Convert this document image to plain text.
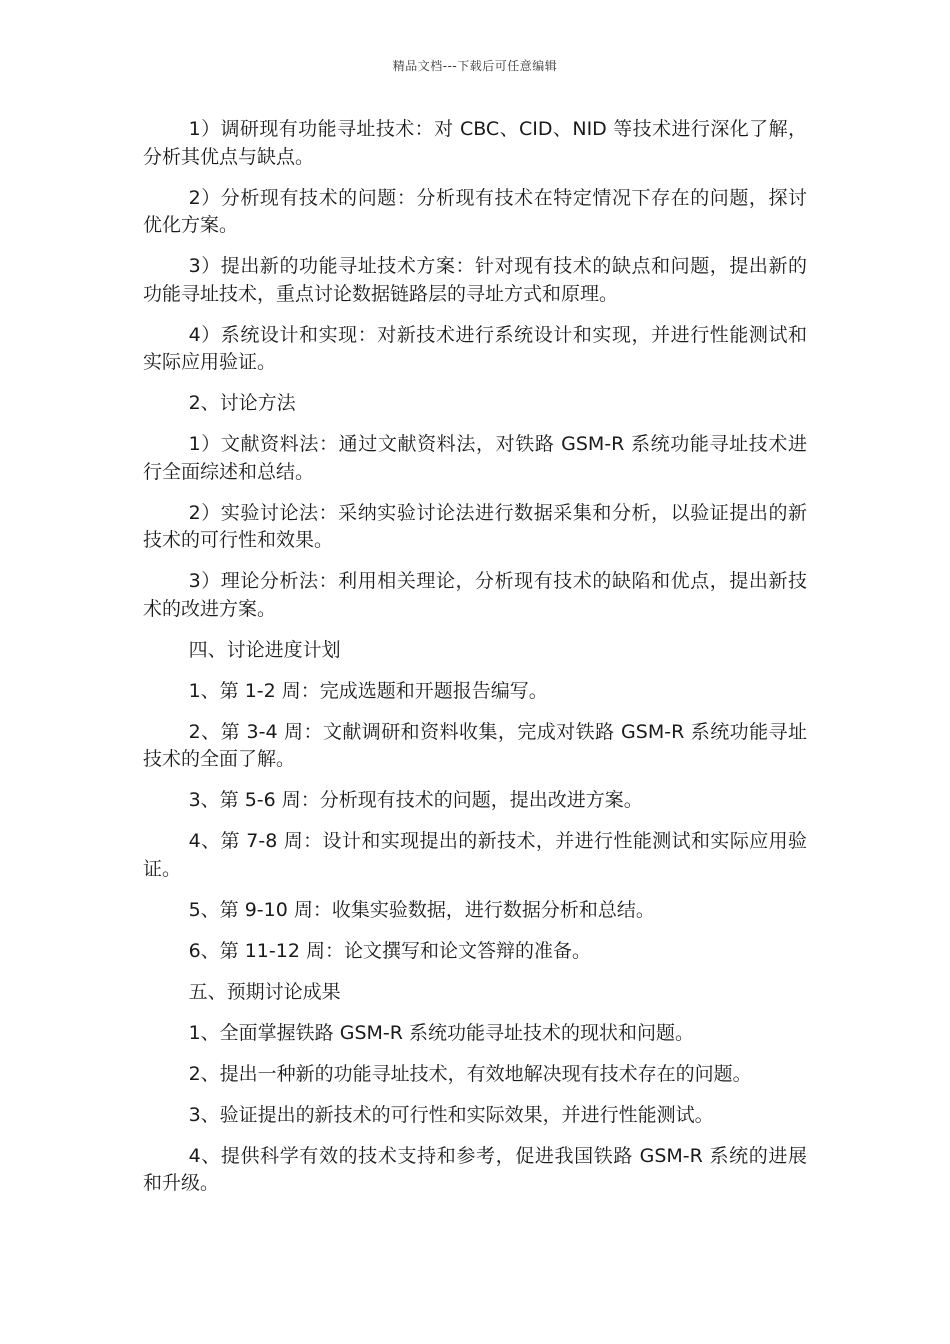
精品文档---下载后可任意编辑

1）调研现有功能寻址技术：对 CBC、CID、NID 等技术进行深化了解，分析其优点与缺点。

2）分析现有技术的问题：分析现有技术在特定情况下存在的问题，探讨优化方案。

3）提出新的功能寻址技术方案：针对现有技术的缺点和问题，提出新的功能寻址技术，重点讨论数据链路层的寻址方式和原理。

4）系统设计和实现：对新技术进行系统设计和实现，并进行性能测试和实际应用验证。

2、讨论方法

1）文献资料法：通过文献资料法，对铁路 GSM-R 系统功能寻址技术进行全面综述和总结。

2）实验讨论法：采纳实验讨论法进行数据采集和分析，以验证提出的新技术的可行性和效果。

3）理论分析法：利用相关理论，分析现有技术的缺陷和优点，提出新技术的改进方案。

四、讨论进度计划

1、第 1-2 周：完成选题和开题报告编写。

2、第 3-4 周：文献调研和资料收集，完成对铁路 GSM-R 系统功能寻址技术的全面了解。

3、第 5-6 周：分析现有技术的问题，提出改进方案。

4、第 7-8 周：设计和实现提出的新技术，并进行性能测试和实际应用验证。

5、第 9-10 周：收集实验数据，进行数据分析和总结。

6、第 11-12 周：论文撰写和论文答辩的准备。

五、预期讨论成果

1、全面掌握铁路 GSM-R 系统功能寻址技术的现状和问题。

2、提出一种新的功能寻址技术，有效地解决现有技术存在的问题。

3、验证提出的新技术的可行性和实际效果，并进行性能测试。

4、提供科学有效的技术支持和参考，促进我国铁路 GSM-R 系统的进展和升级。
